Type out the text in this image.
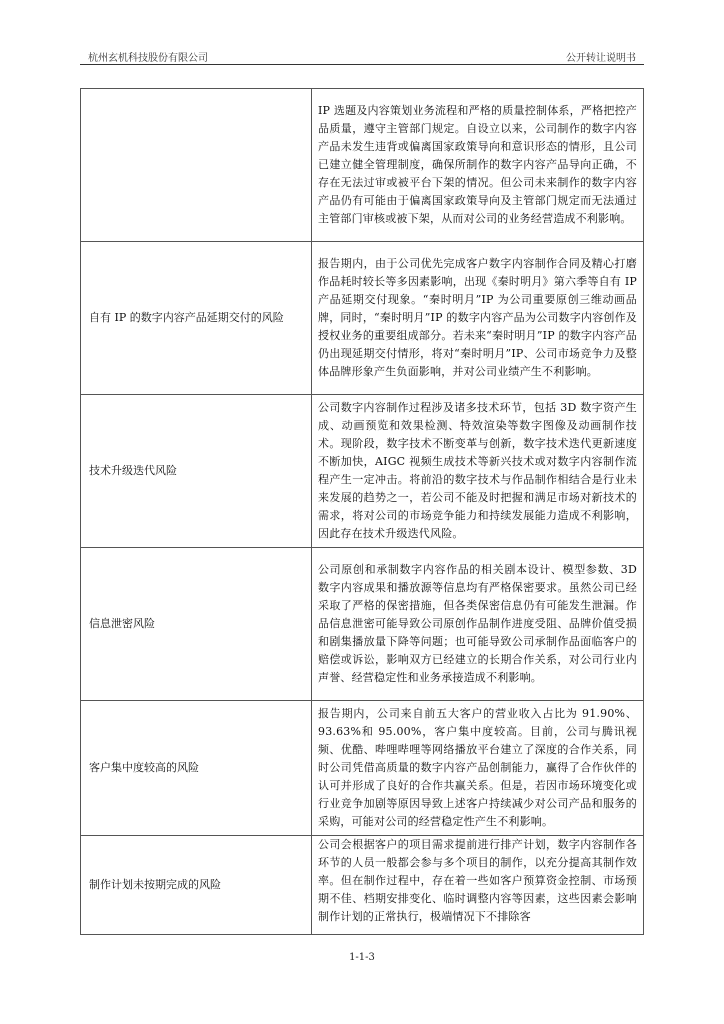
杭州玄机科技股份有限公司	公开转让说明书
	IP 选题及内容策划业务流程和严格的质量控制体系，严格把控产品质量，遵守主管部门规定。自设立以来，公司制作的数字内容产品未发生违背或偏离国家政策导向和意识形态的情形，且公司已建立健全管理制度，确保所制作的数字内容产品导向正确，不存在无法过审或被平台下架的情况。但公司未来制作的数字内容产品仍有可能由于偏离国家政策导向及主管部门规定而无法通过主管部门审核或被下架，从而对公司的业务经营造成不利影响。
自有 IP 的数字内容产品延期交付的风险	报告期内，由于公司优先完成客户数字内容制作合同及精心打磨作品耗时较长等多因素影响，出现《秦时明月》第六季等自有 IP 产品延期交付现象。“秦时明月”IP 为公司重要原创三维动画品牌，同时，“秦时明月”IP 的数字内容产品为公司数字内容创作及授权业务的重要组成部分。若未来“秦时明月”IP 的数字内容产品仍出现延期交付情形，将对“秦时明月”IP、公司市场竞争力及整体品牌形象产生负面影响，并对公司业绩产生不利影响。
技术升级迭代风险	公司数字内容制作过程涉及诸多技术环节，包括 3D 数字资产生成、动画预览和效果检测、特效渲染等数字图像及动画制作技术。现阶段，数字技术不断变革与创新，数字技术迭代更新速度不断加快，AIGC 视频生成技术等新兴技术或对数字内容制作流程产生一定冲击。将前沿的数字技术与作品制作相结合是行业未来发展的趋势之一，若公司不能及时把握和满足市场对新技术的需求，将对公司的市场竞争能力和持续发展能力造成不利影响，因此存在技术升级迭代风险。
信息泄密风险	公司原创和承制数字内容作品的相关剧本设计、模型参数、3D 数字内容成果和播放源等信息均有严格保密要求。虽然公司已经采取了严格的保密措施，但各类保密信息仍有可能发生泄漏。作品信息泄密可能导致公司原创作品制作进度受阻、品牌价值受损和剧集播放量下降等问题；也可能导致公司承制作品面临客户的赔偿或诉讼，影响双方已经建立的长期合作关系，对公司行业内声誉、经营稳定性和业务承接造成不利影响。
客户集中度较高的风险	报告期内，公司来自前五大客户的营业收入占比为 91.90%、93.63%和 95.00%，客户集中度较高。目前，公司与腾讯视频、优酷、哔哩哔哩等网络播放平台建立了深度的合作关系，同时公司凭借高质量的数字内容产品创制能力，赢得了合作伙伴的认可并形成了良好的合作共赢关系。但是，若因市场环境变化或行业竞争加剧等原因导致上述客户持续减少对公司产品和服务的采购，可能对公司的经营稳定性产生不利影响。
制作计划未按期完成的风险	公司会根据客户的项目需求提前进行排产计划，数字内容制作各环节的人员一般都会参与多个项目的制作，以充分提高其制作效率。但在制作过程中，存在着一些如客户预算资金控制、市场预期不佳、档期安排变化、临时调整内容等因素，这些因素会影响制作计划的正常执行，极端情况下不排除客
1-1-3
